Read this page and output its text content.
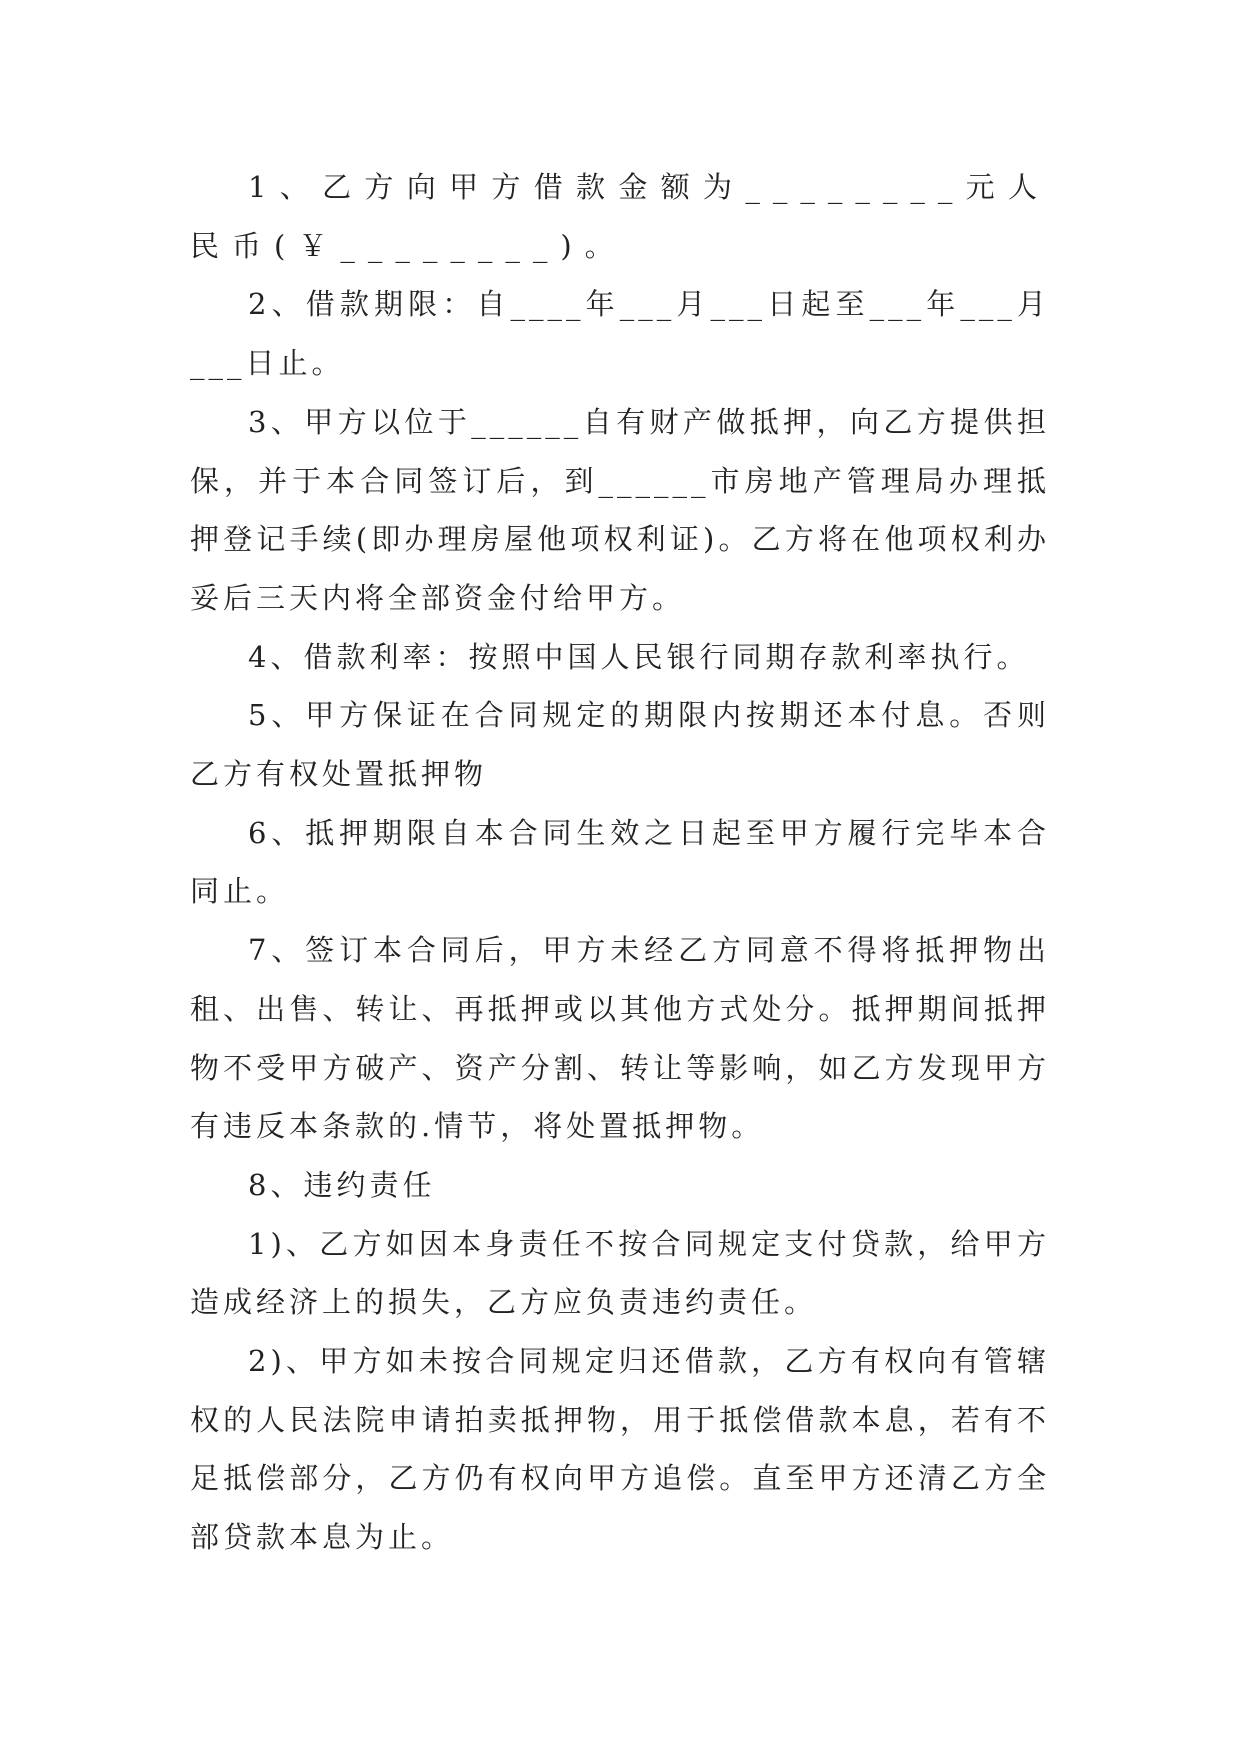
1、乙方向甲方借款金额为________元人民币(￥________)。

2、借款期限：自____年___月___日起至___年___月___日止。

3、甲方以位于______自有财产做抵押，向乙方提供担保，并于本合同签订后，到______市房地产管理局办理抵押登记手续(即办理房屋他项权利证)。乙方将在他项权利办妥后三天内将全部资金付给甲方。

4、借款利率：按照中国人民银行同期存款利率执行。

5、甲方保证在合同规定的期限内按期还本付息。否则乙方有权处置抵押物

6、抵押期限自本合同生效之日起至甲方履行完毕本合同止。

7、签订本合同后，甲方未经乙方同意不得将抵押物出租、出售、转让、再抵押或以其他方式处分。抵押期间抵押物不受甲方破产、资产分割、转让等影响，如乙方发现甲方有违反本条款的.情节，将处置抵押物。

8、违约责任

1)、乙方如因本身责任不按合同规定支付贷款，给甲方造成经济上的损失，乙方应负责违约责任。

2)、甲方如未按合同规定归还借款，乙方有权向有管辖权的人民法院申请拍卖抵押物，用于抵偿借款本息，若有不足抵偿部分，乙方仍有权向甲方追偿。直至甲方还清乙方全部贷款本息为止。
